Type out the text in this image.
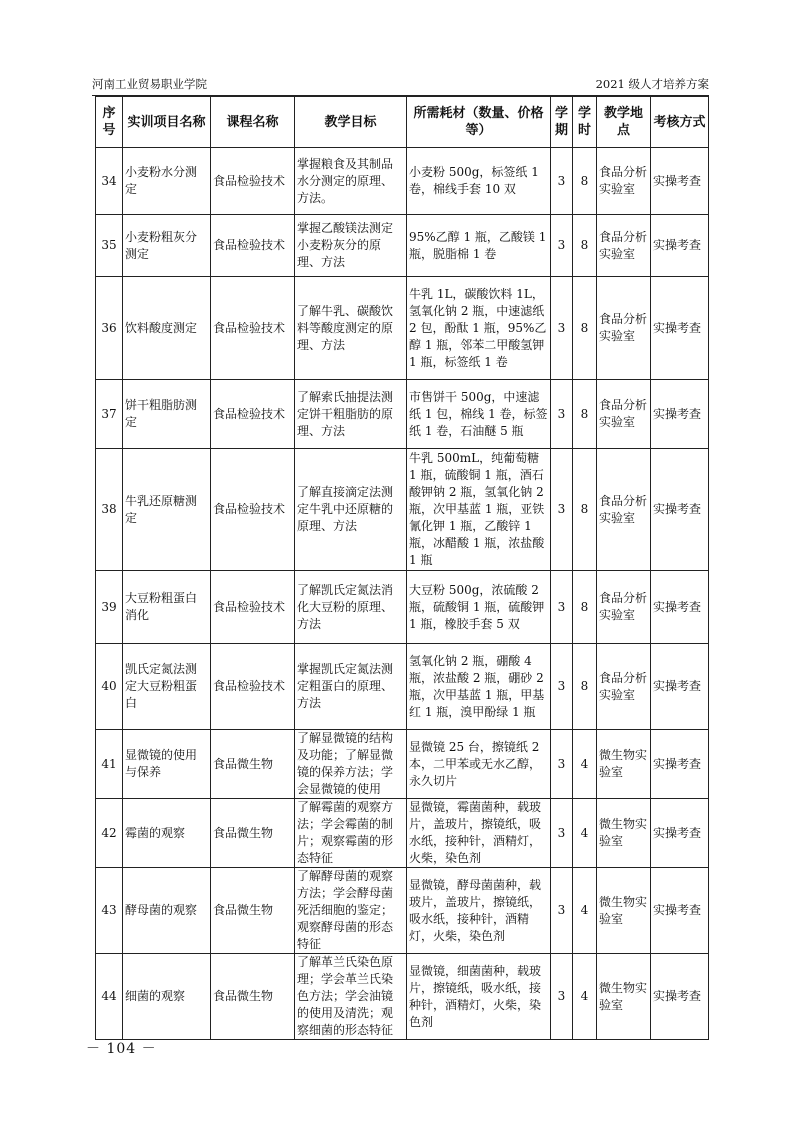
河南工业贸易职业学院	2021 级人才培养方案
序号	实训项目名称	课程名称	教学目标	所需耗材（数量、价格等）	学期	学时	教学地点	考核方式
34	小麦粉水分测定	食品检验技术	掌握粮食及其制品水分测定的原理、方法。	小麦粉 500g，标签纸 1 卷，棉线手套 10 双	3	8	食品分析实验室	实操考查
35	小麦粉粗灰分测定	食品检验技术	掌握乙酸镁法测定小麦粉灰分的原理、方法	95%乙醇 1 瓶，乙酸镁 1 瓶，脱脂棉 1 卷	3	8	食品分析实验室	实操考查
36	饮料酸度测定	食品检验技术	了解牛乳、碳酸饮料等酸度测定的原理、方法	牛乳 1L，碳酸饮料 1L，氢氧化钠 2 瓶，中速滤纸 2 包，酚酞 1 瓶，95%乙醇 1 瓶，邻苯二甲酸氢钾 1 瓶，标签纸 1 卷	3	8	食品分析实验室	实操考查
37	饼干粗脂肪测定	食品检验技术	了解索氏抽提法测定饼干粗脂肪的原理、方法	市售饼干 500g，中速滤纸 1 包，棉线 1 卷，标签纸 1 卷，石油醚 5 瓶	3	8	食品分析实验室	实操考查
38	牛乳还原糖测定	食品检验技术	了解直接滴定法测定牛乳中还原糖的原理、方法	牛乳 500mL，纯葡萄糖 1 瓶，硫酸铜 1 瓶，酒石酸钾钠 2 瓶，氢氧化钠 2 瓶，次甲基蓝 1 瓶，亚铁氰化钾 1 瓶，乙酸锌 1 瓶，冰醋酸 1 瓶，浓盐酸 1 瓶	3	8	食品分析实验室	实操考查
39	大豆粉粗蛋白消化	食品检验技术	了解凯氏定氮法消化大豆粉的原理、方法	大豆粉 500g，浓硫酸 2 瓶，硫酸铜 1 瓶，硫酸钾 1 瓶，橡胶手套 5 双	3	8	食品分析实验室	实操考查
40	凯氏定氮法测定大豆粉粗蛋白	食品检验技术	掌握凯氏定氮法测定粗蛋白的原理、方法	氢氧化钠 2 瓶，硼酸 4 瓶，浓盐酸 2 瓶，硼砂 2 瓶，次甲基蓝 1 瓶，甲基红 1 瓶，溴甲酚绿 1 瓶	3	8	食品分析实验室	实操考查
41	显微镜的使用与保养	食品微生物	了解显微镜的结构及功能；了解显微镜的保养方法；学会显微镜的使用	显微镜 25 台，擦镜纸 2 本，二甲苯或无水乙醇，永久切片	3	4	微生物实验室	实操考查
42	霉菌的观察	食品微生物	了解霉菌的观察方法；学会霉菌的制片；观察霉菌的形态特征	显微镜，霉菌菌种，载玻片，盖玻片，擦镜纸，吸水纸，接种针，酒精灯，火柴，染色剂	3	4	微生物实验室	实操考查
43	酵母菌的观察	食品微生物	了解酵母菌的观察方法；学会酵母菌死活细胞的鉴定；观察酵母菌的形态特征	显微镜，酵母菌菌种，载玻片，盖玻片，擦镜纸，吸水纸，接种针，酒精灯，火柴，染色剂	3	4	微生物实验室	实操考查
44	细菌的观察	食品微生物	了解革兰氏染色原理；学会革兰氏染色方法；学会油镜的使用及清洗；观察细菌的形态特征	显微镜，细菌菌种，载玻片，擦镜纸，吸水纸，接种针，酒精灯，火柴，染色剂	3	4	微生物实验室	实操考查
－ 104 －
